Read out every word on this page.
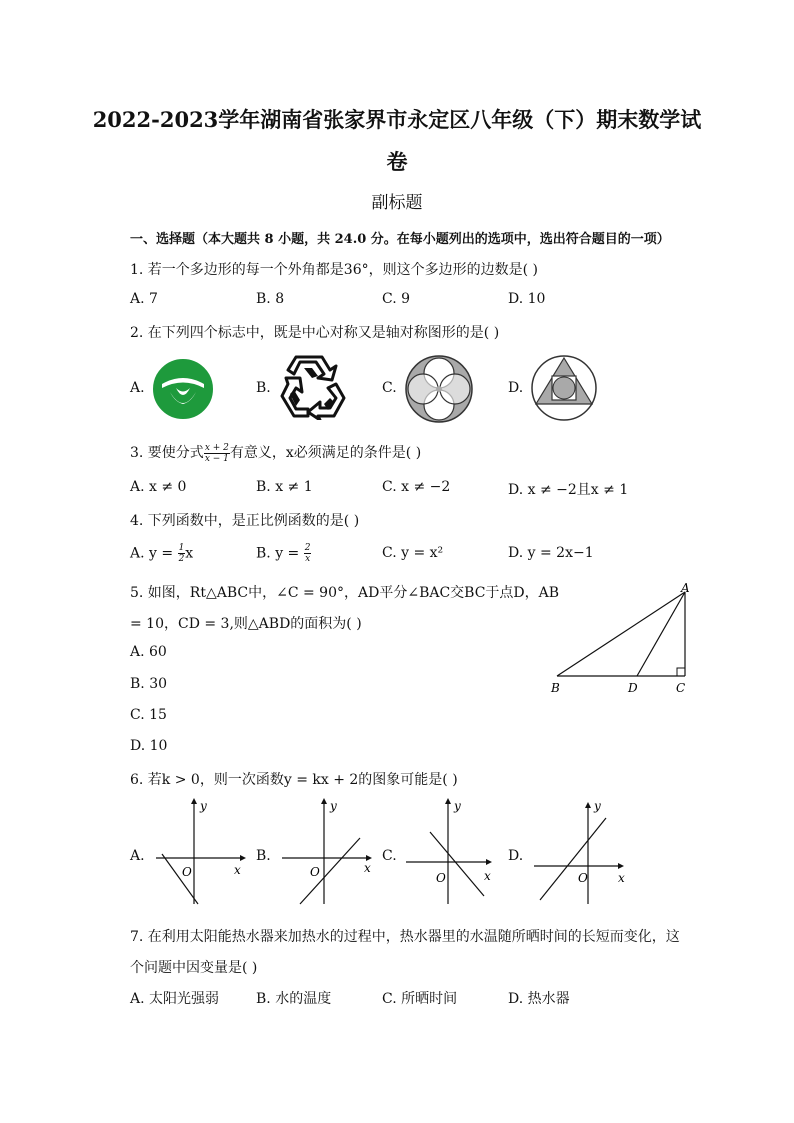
2022-2023学年湖南省张家界市永定区八年级（下）期末数学试
卷
副标题
一、选择题（本大题共 8 小题，共 24.0 分。在每小题列出的选项中，选出符合题目的一项）
1. 若一个多边形的每一个外角都是36°，则这个多边形的边数是( )
A. 7	B. 8	C. 9	D. 10
2. 在下列四个标志中，既是中心对称又是轴对称图形的是( )
A.	B.	C.	D.
3. 要使分式 $\frac{x + 2}{x - 1}$ 有意义，x必须满足的条件是( )
A. x ≠ 0	B. x ≠ 1	C. x ≠ −2	D. x ≠ −2且x ≠ 1
4. 下列函数中，是正比例函数的是( )
A. $y = \frac{1}{2}$ x	B. $y = \frac{2}{x}$	C. y = x²	D. y = 2x−1
5. 如图，Rt△ABC中，∠C = 90°，AD平分∠BAC交BC于点D，AB
= 10，CD = 3,则△ABD的面积为( )
A. 60
B. 30
C. 15
D. 10
A
B	D	C
6. 若k > 0，则一次函数y = kx + 2的图象可能是( )
A.	B.	C.	D.
y
x
O
y
x
O
y
x
O
y
x
O
7. 在利用太阳能热水器来加热水的过程中，热水器里的水温随所晒时间的长短而变化，这
个问题中因变量是( )
A. 太阳光强弱	B. 水的温度	C. 所晒时间	D. 热水器
